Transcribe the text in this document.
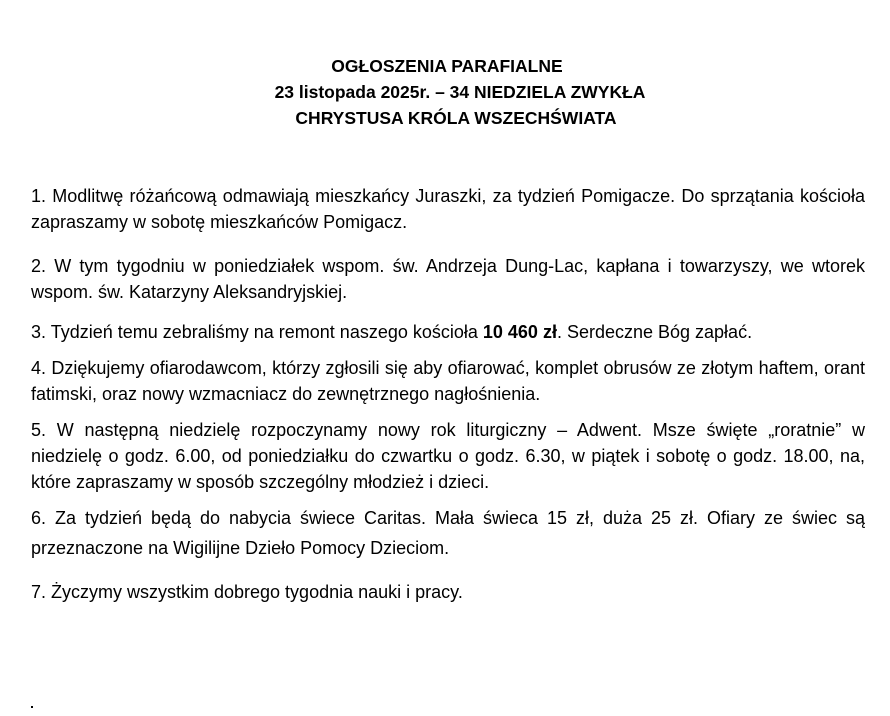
OGŁOSZENIA PARAFIALNE
23 listopada 2025r. – 34 NIEDZIELA ZWYKŁA
CHRYSTUSA KRÓLA WSZECHŚWIATA

1. Modlitwę różańcową odmawiają mieszkańcy Juraszki, za tydzień Pomigacze. Do sprzątania kościoła zapraszamy w sobotę mieszkańców Pomigacz.

2. W tym tygodniu w poniedziałek wspom. św. Andrzeja Dung-Lac, kapłana i towarzyszy, we wtorek wspom. św. Katarzyny Aleksandryjskiej.

3. Tydzień temu zebraliśmy na remont naszego kościoła 10 460 zł. Serdeczne Bóg zapłać.

4. Dziękujemy ofiarodawcom, którzy zgłosili się aby ofiarować, komplet obrusów ze złotym haftem, orant fatimski, oraz nowy wzmacniacz do zewnętrznego nagłośnienia.

5. W następną niedzielę rozpoczynamy nowy rok liturgiczny – Adwent. Msze święte „roratnie” w niedzielę o godz. 6.00, od poniedziałku do czwartku o godz. 6.30, w piątek i sobotę o godz. 18.00, na, które zapraszamy w sposób szczególny młodzież i dzieci.

6. Za tydzień będą do nabycia świece Caritas. Mała świeca 15 zł, duża 25 zł. Ofiary ze świec są przeznaczone na Wigilijne Dzieło Pomocy Dzieciom.

7. Życzymy wszystkim dobrego tygodnia nauki i pracy.
